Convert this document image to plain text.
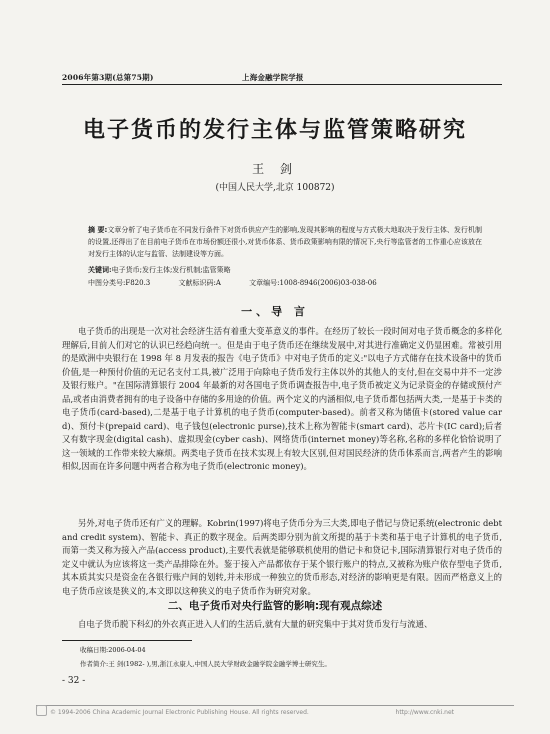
2006年第3期(总第75期)	上海金融学院学报
电子货币的发行主体与监管策略研究
王 剑
(中国人民大学,北京 100872)
摘 要:文章分析了电子货币在不同发行条件下对货币供应产生的影响,发现其影响的程度与方式极大地取决于发行主体、发行机制的设置,还得出了在目前电子货币在市场份额还很小,对货币体系、货币政策影响有限的情况下,央行等监管者的工作重心应该放在对发行主体的认定与监管、法制建设等方面。
关键词:电子货币;发行主体;发行机制;监管策略
中图分类号:F820.3	文献标识码:A	文章编号:1008-8946(2006)03-038-06
一、导 言
电子货币的出现是一次对社会经济生活有着重大变革意义的事件。在经历了较长一段时间对电子货币概念的多样化理解后,目前人们对它的认识已经趋向统一。但是由于电子货币还在继续发展中,对其进行准确定义仍显困难。常被引用的是欧洲中央银行在 1998 年 8 月发表的报告《电子货币》中对电子货币的定义:"以电子方式储存在技术设备中的货币价值,是一种预付价值的无记名支付工具,被广泛用于向除电子货币发行主体以外的其他人的支付,但在交易中并不一定涉及银行账户。"在国际清算银行 2004 年最新的对各国电子货币调查报告中,电子货币被定义为记录资金的存储或预付产品,或者由消费者拥有的电子设备中存储的多用途的价值。两个定义的内涵相似,电子货币都包括两大类,一是基于卡类的电子货币(card-based),二是基于电子计算机的电子货币(computer-based)。前者又称为储值卡(stored value card)、预付卡(prepaid card)、电子钱包(electronic purse),技术上称为智能卡(smart card)、芯片卡(IC card);后者又有数字现金(digital cash)、虚拟现金(cyber cash)、网络货币(internet money)等名称,名称的多样化恰恰说明了这一领域的工作带来较大麻烦。两类电子货币在技术实现上有较大区别,但对国民经济的货币体系而言,两者产生的影响相似,因而在许多问题中两者合称为电子货币(electronic money)。
另外,对电子货币还有广义的理解。Kobrin(1997)将电子货币分为三大类,即电子借记与贷记系统(electronic debt and credit system)、智能卡、真正的数字现金。后两类即分别为前文所提的基于卡类和基于电子计算机的电子货币,而第一类又称为接入产品(access product),主要代表就是能够联机使用的借记卡和贷记卡,国际清算银行对电子货币的定义中就认为应该将这一类产品排除在外。鉴于接入产品都依存于某个银行账户的特点,又被称为账户依存型电子货币,其本质其实只是资金在各银行账户间的划转,并未形成一种独立的货币形态,对经济的影响更是有限。因而严格意义上的电子货币应该是狭义的,本文即以这种狭义的电子货币作为研究对象。
二、电子货币对央行监管的影响:现有观点综述
自电子货币脱下科幻的外衣真正进入人们的生活后,就有大量的研究集中于其对货币发行与流通、
收稿日期:2006-04-04
作者简介:王 剑(1982- ),男,浙江永康人,中国人民大学财政金融学院金融学博士研究生。
- 32 -
© 1994-2006 China Academic Journal Electronic Publishing House. All rights reserved.	http://www.cnki.net
